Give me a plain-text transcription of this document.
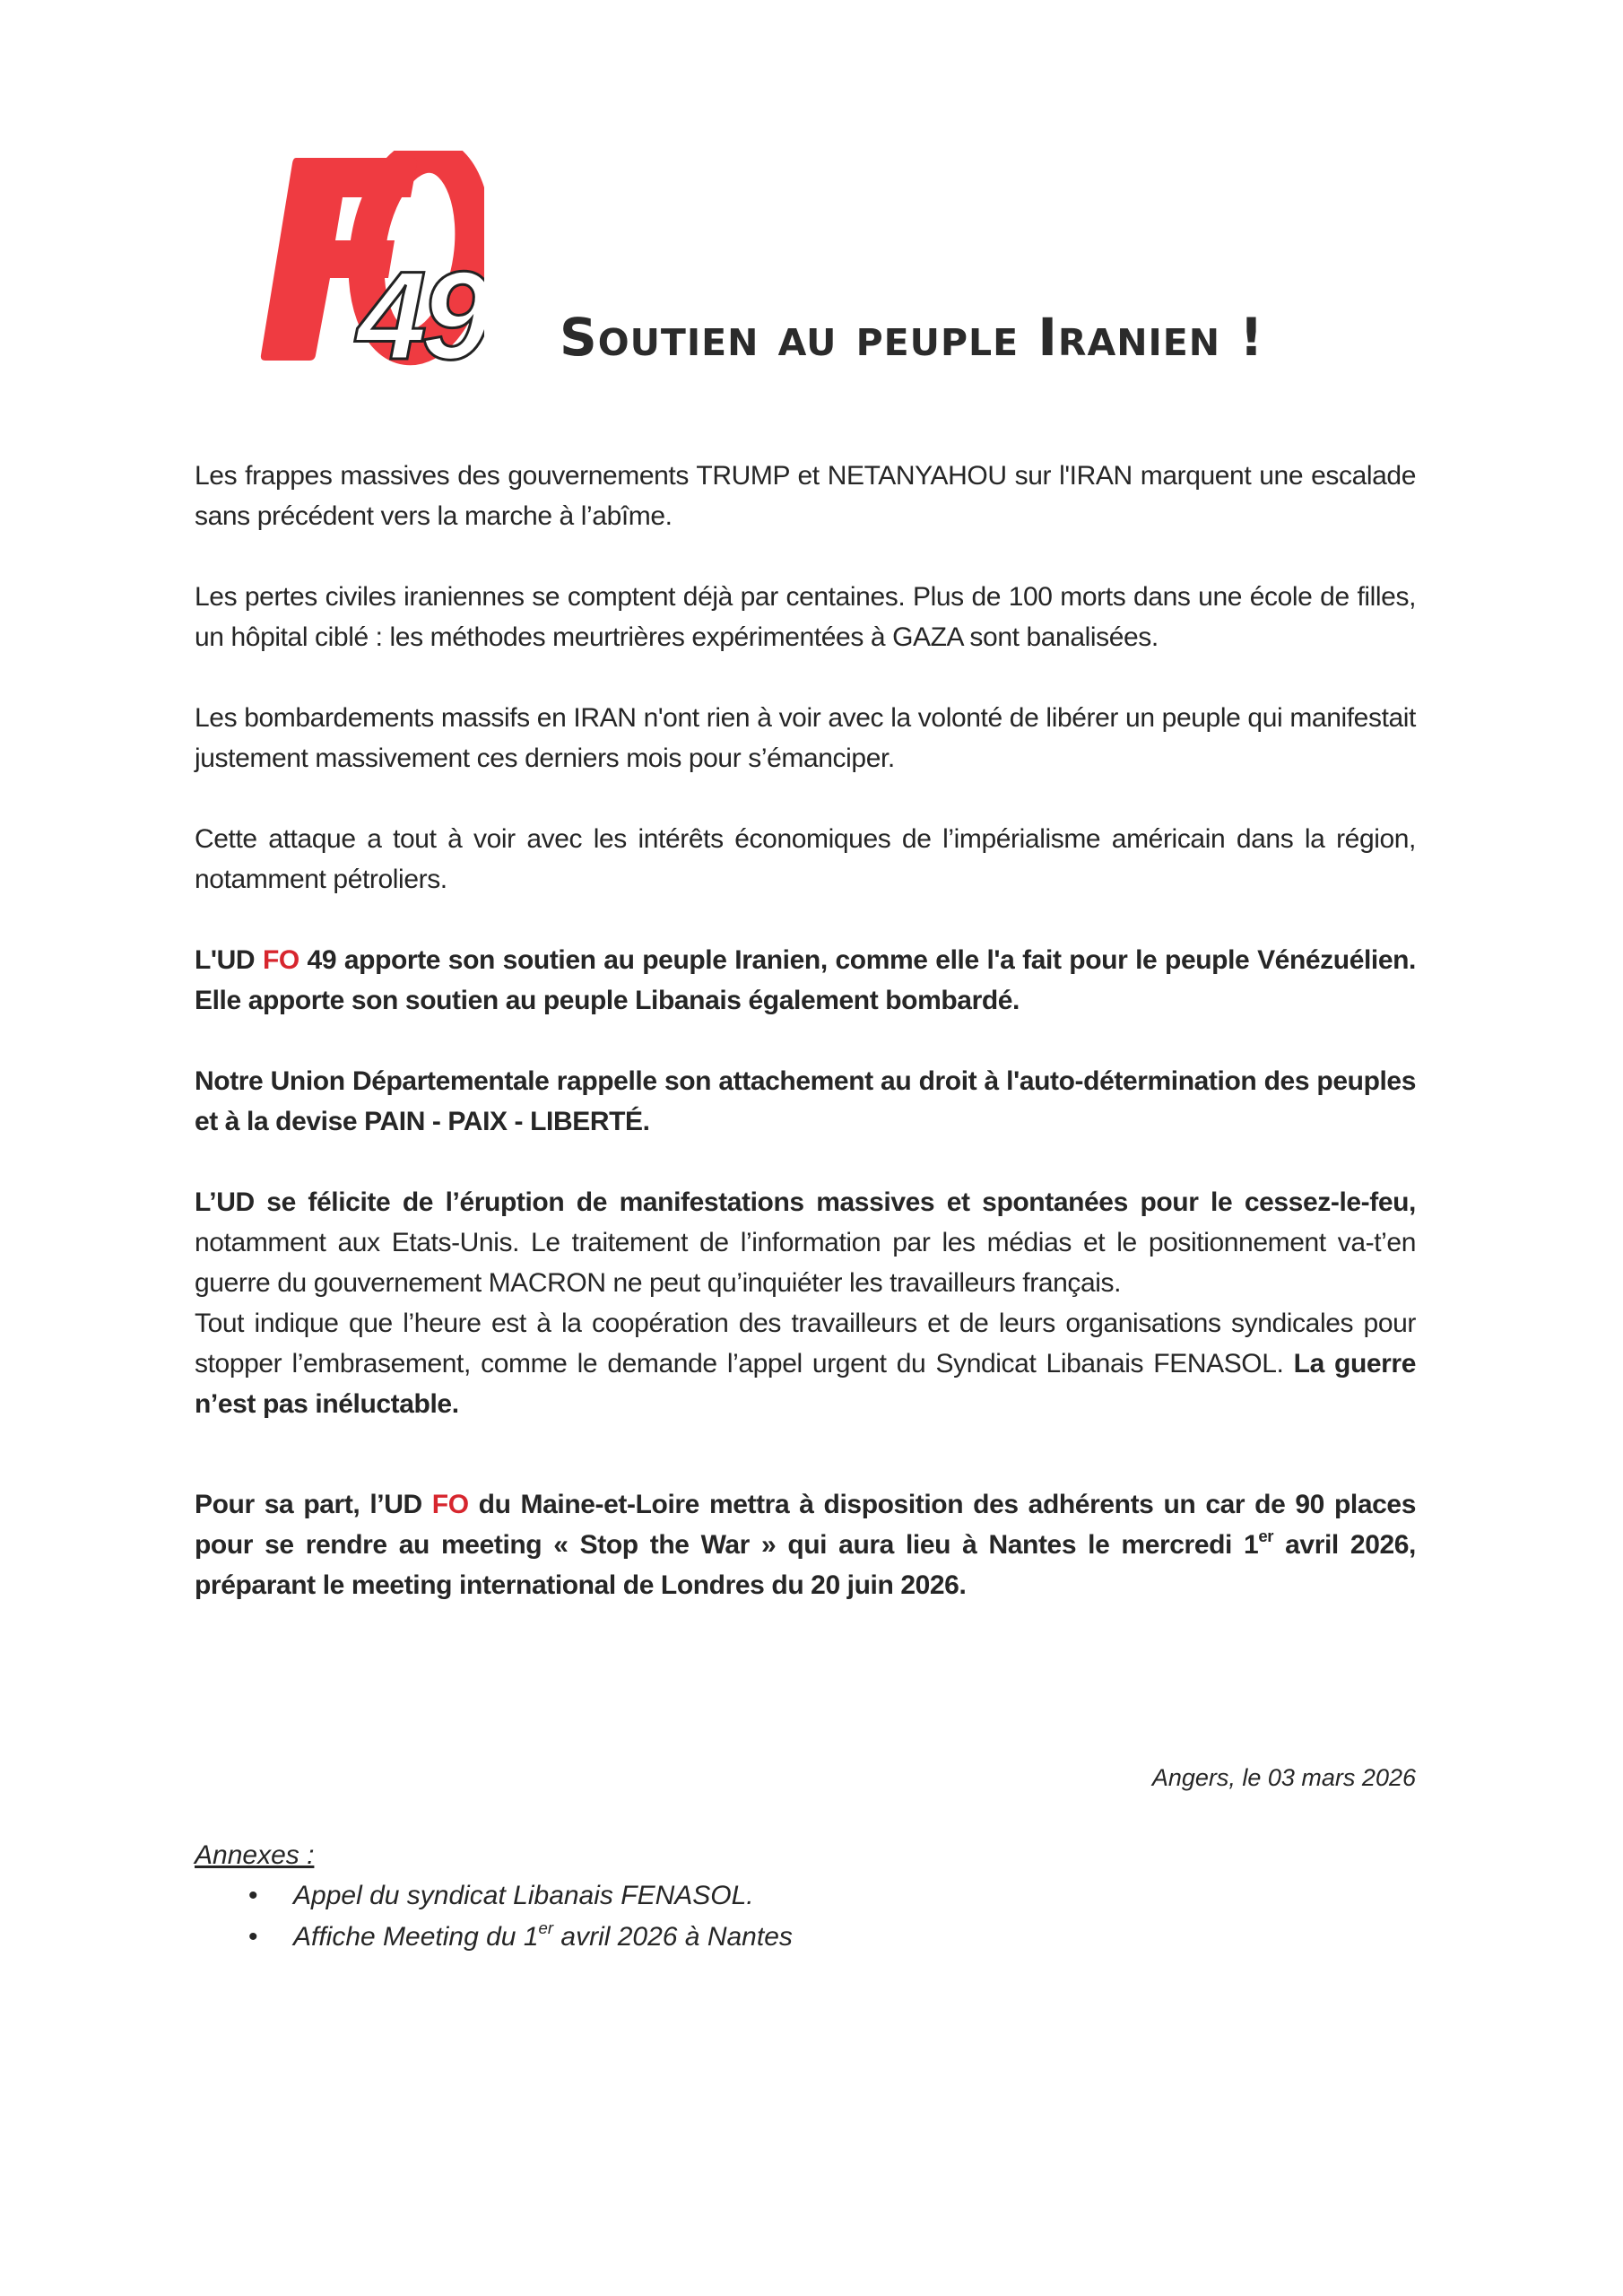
49 Soutien au peuple Iranien !

Les frappes massives des gouvernements TRUMP et NETANYAHOU sur l'IRAN marquent une escalade sans précédent vers la marche à l’abîme.

Les pertes civiles iraniennes se comptent déjà par centaines. Plus de 100 morts dans une école de filles, un hôpital ciblé : les méthodes meurtrières expérimentées à GAZA sont banalisées.

Les bombardements massifs en IRAN n'ont rien à voir avec la volonté de libérer un peuple qui manifestait justement massivement ces derniers mois pour s’émanciper.

Cette attaque a tout à voir avec les intérêts économiques de l’impérialisme américain dans la région, notamment pétroliers.

L'UD FO 49 apporte son soutien au peuple Iranien, comme elle l'a fait pour le peuple Vénézuélien. Elle apporte son soutien au peuple Libanais également bombardé.

Notre Union Départementale rappelle son attachement au droit à l'auto-détermination des peuples et à la devise PAIN - PAIX - LIBERTÉ.

L’UD se félicite de l’éruption de manifestations massives et spontanées pour le cessez-le-feu, notamment aux Etats-Unis. Le traitement de l’information par les médias et le positionnement va-t’en guerre du gouvernement MACRON ne peut qu’inquiéter les travailleurs français.

Tout indique que l’heure est à la coopération des travailleurs et de leurs organisations syndicales pour stopper l’embrasement, comme le demande l’appel urgent du Syndicat Libanais FENASOL. La guerre n’est pas inéluctable.

Pour sa part, l’UD FO du Maine-et-Loire mettra à disposition des adhérents un car de 90 places pour se rendre au meeting « Stop the War » qui aura lieu à Nantes le mercredi 1er avril 2026, préparant le meeting international de Londres du 20 juin 2026.

Angers, le 03 mars 2026
Annexes :
• Appel du syndicat Libanais FENASOL.
• Affiche Meeting du 1er avril 2026 à Nantes
